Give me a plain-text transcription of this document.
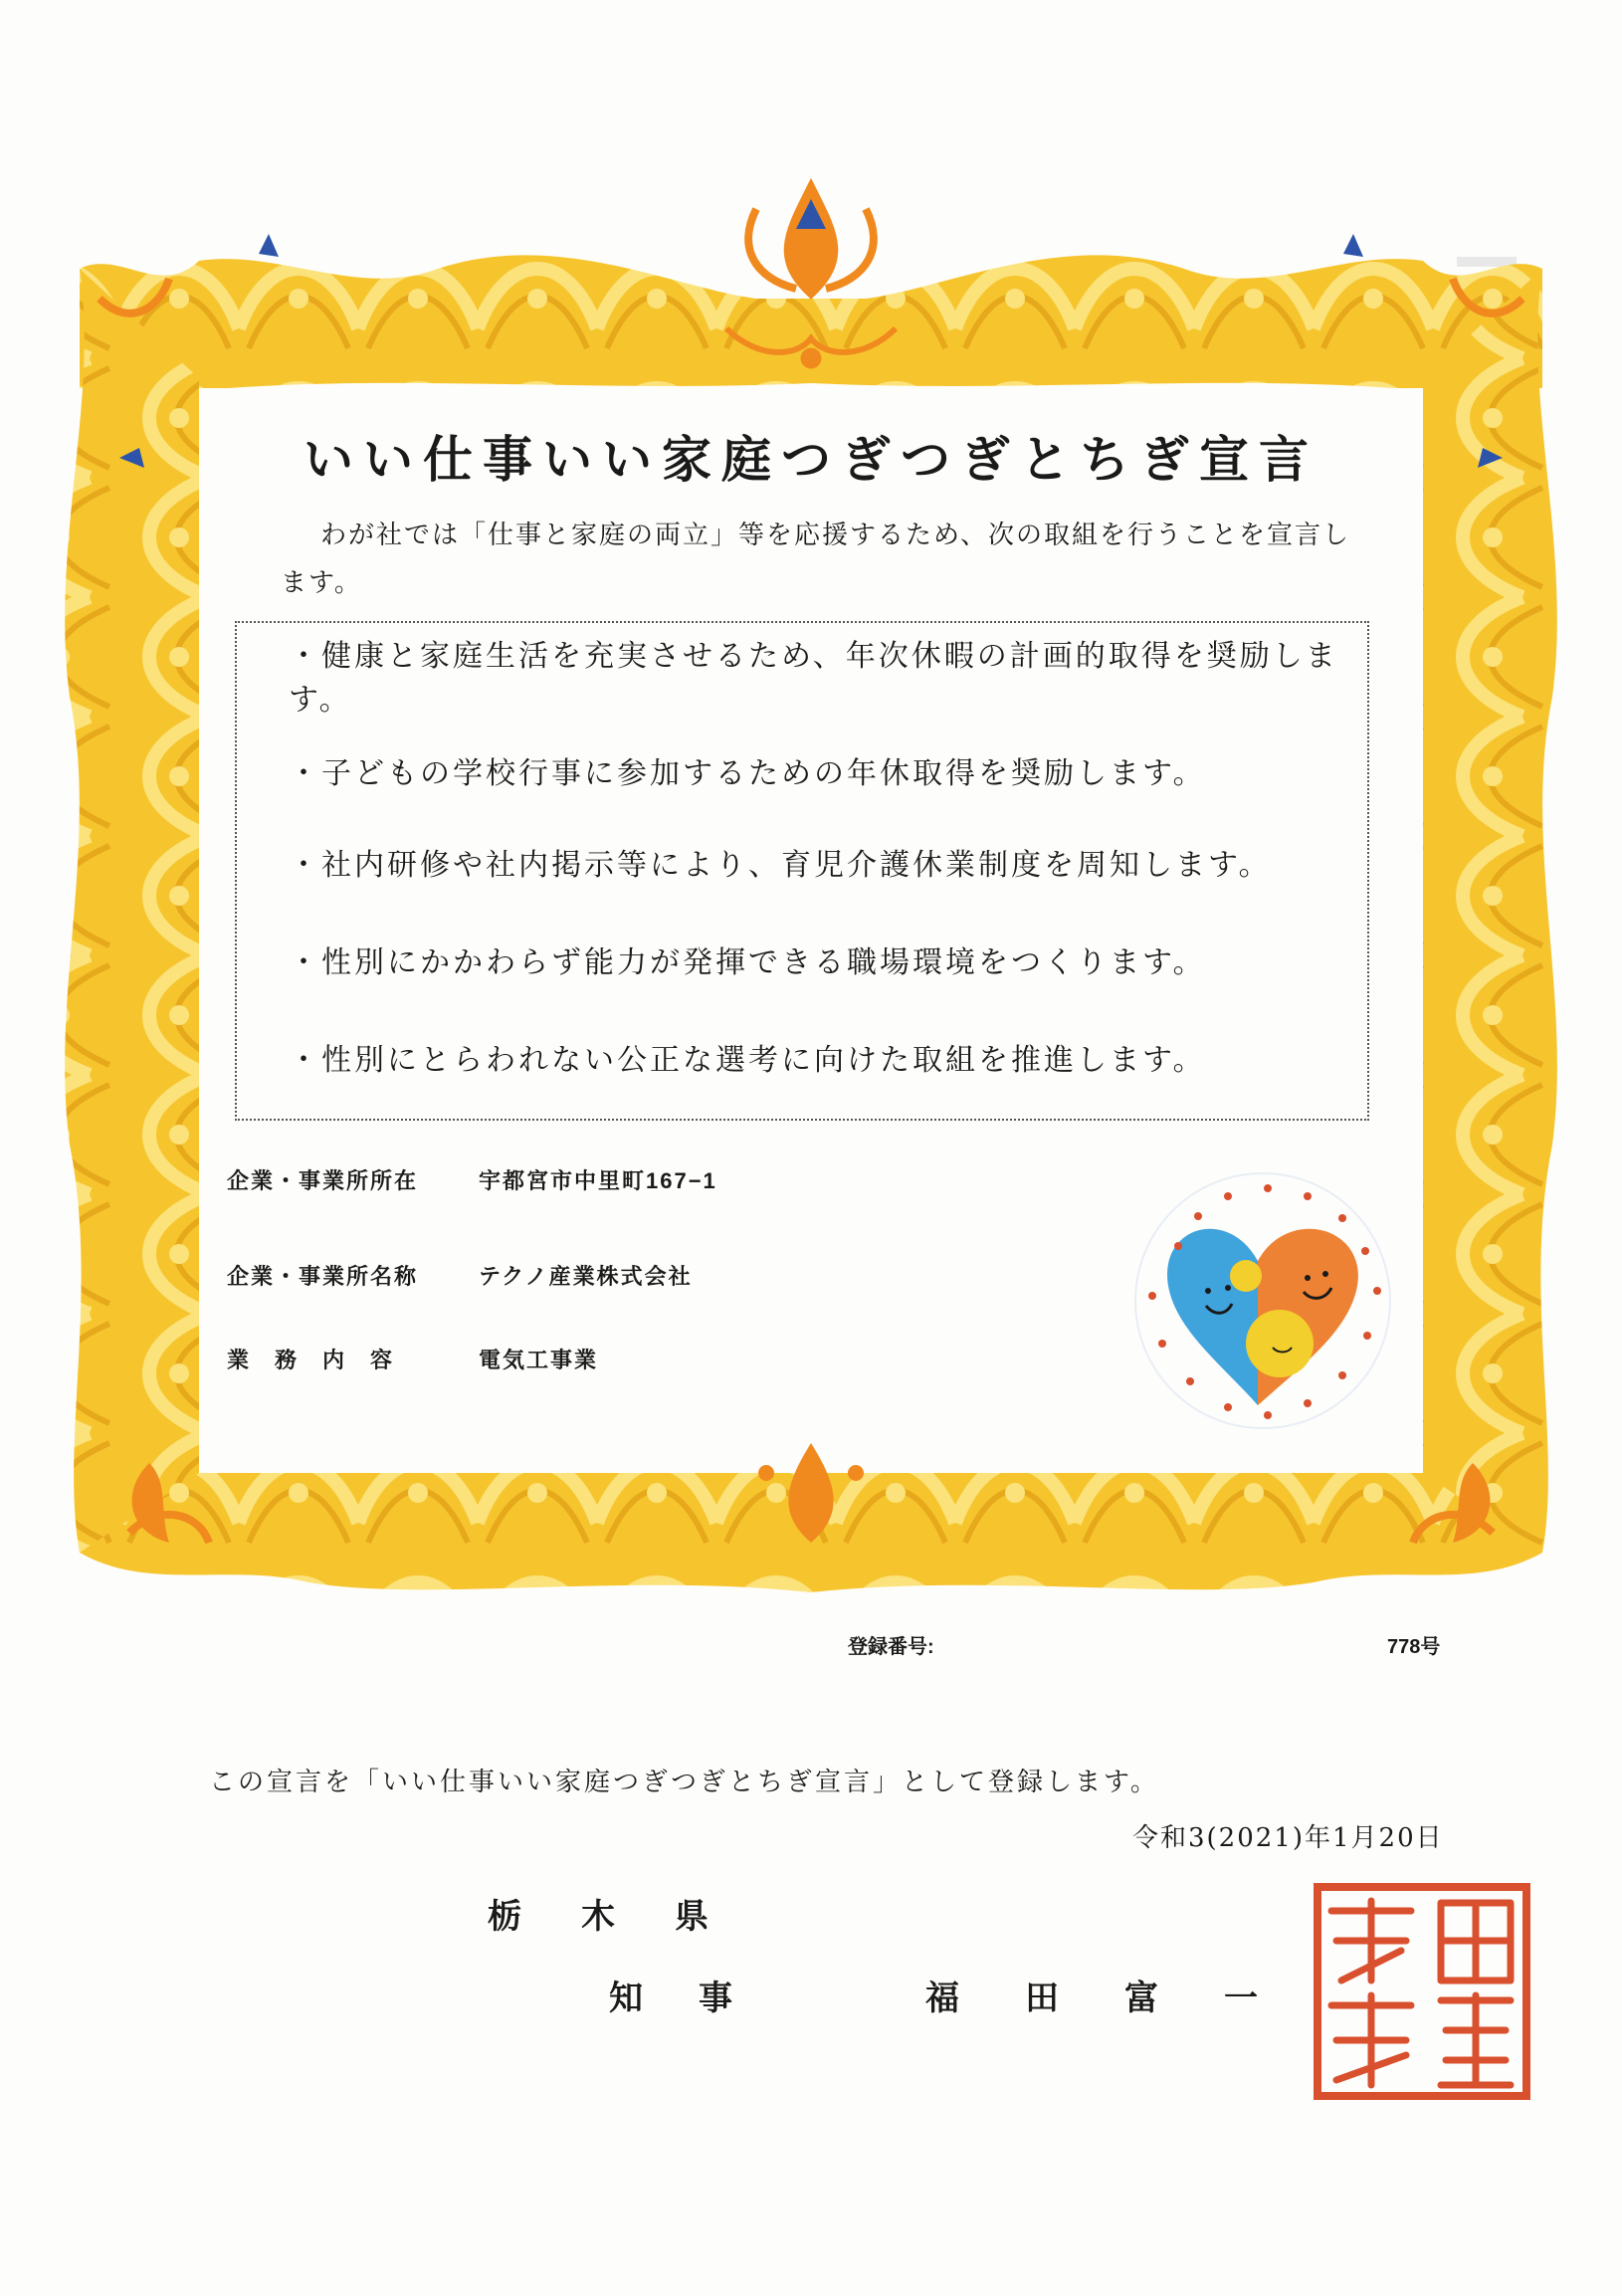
いい仕事いい家庭つぎつぎとちぎ宣言
わが社では「仕事と家庭の両立」等を応援するため、次の取組を行うことを宣言します。
・健康と家庭生活を充実させるため、年次休暇の計画的取得を奨励します。
・子どもの学校行事に参加するための年休取得を奨励します。
・社内研修や社内掲示等により、育児介護休業制度を周知します。
・性別にかかわらず能力が発揮できる職場環境をつくります。
・性別にとらわれない公正な選考に向けた取組を推進します。
企業・事業所所在	宇都宮市中里町167−1
企業・事業所名称	テクノ産業株式会社
業　務　内　容	電気工事業
登録番号:	778号
この宣言を「いい仕事いい家庭つぎつぎとちぎ宣言」として登録します。
令和3(2021)年1月20日
栃木県
知事	福田富一
